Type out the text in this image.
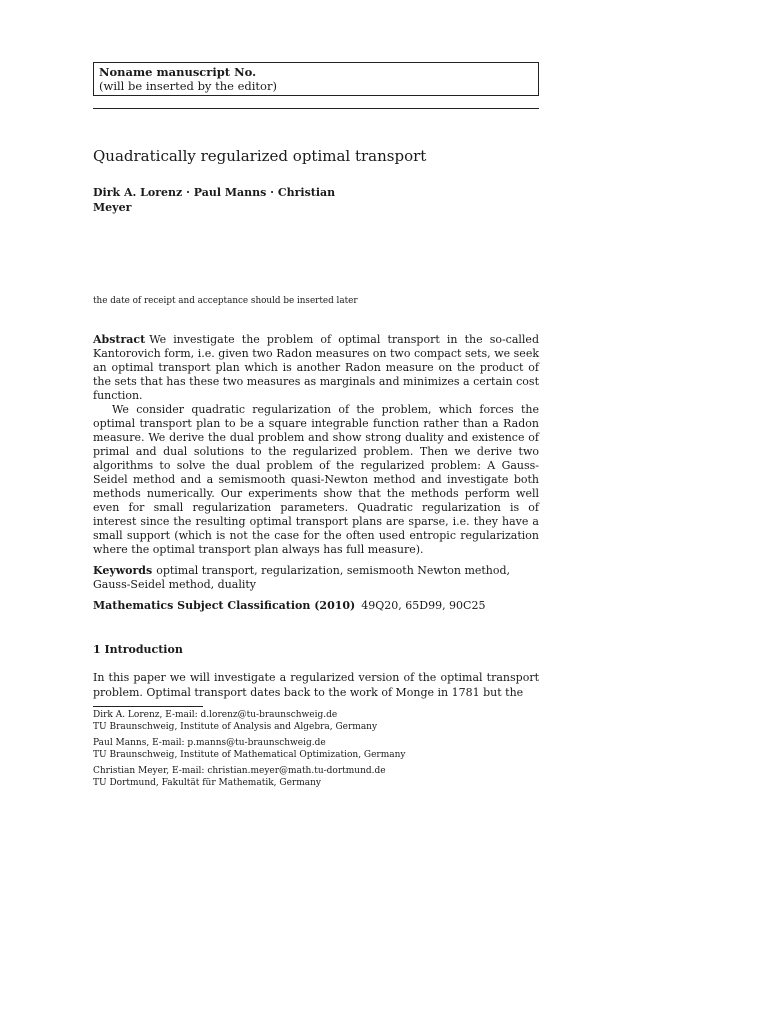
Noname manuscript No.
(will be inserted by the editor)
Quadratically regularized optimal transport
Dirk A. Lorenz · Paul Manns · Christian
Meyer
the date of receipt and acceptance should be inserted later

Abstract We investigate the problem of optimal transport in the so-called Kantorovich form, i.e. given two Radon measures on two compact sets, we seek an optimal transport plan which is another Radon measure on the product of the sets that has these two measures as marginals and minimizes a certain cost function.

We consider quadratic regularization of the problem, which forces the optimal transport plan to be a square integrable function rather than a Radon measure. We derive the dual problem and show strong duality and existence of primal and dual solutions to the regularized problem. Then we derive two algorithms to solve the dual problem of the regularized problem: A Gauss-Seidel method and a semismooth quasi-Newton method and investigate both methods numerically. Our experiments show that the methods perform well even for small regularization parameters. Quadratic regularization is of interest since the resulting optimal transport plans are sparse, i.e. they have a small support (which is not the case for the often used entropic regularization where the optimal transport plan always has full measure).

Keywords optimal transport, regularization, semismooth Newton method, Gauss-Seidel method, duality
Mathematics Subject Classification (2010) 49Q20, 65D99, 90C25
1 Introduction

In this paper we will investigate a regularized version of the optimal transport problem. Optimal transport dates back to the work of Monge in 1781 but the

Dirk A. Lorenz, E-mail: d.lorenz@tu-braunschweig.de
TU Braunschweig, Institute of Analysis and Algebra, Germany
Paul Manns, E-mail: p.manns@tu-braunschweig.de
TU Braunschweig, Institute of Mathematical Optimization, Germany
Christian Meyer, E-mail: christian.meyer@math.tu-dortmund.de
TU Dortmund, Fakultät für Mathematik, Germany
